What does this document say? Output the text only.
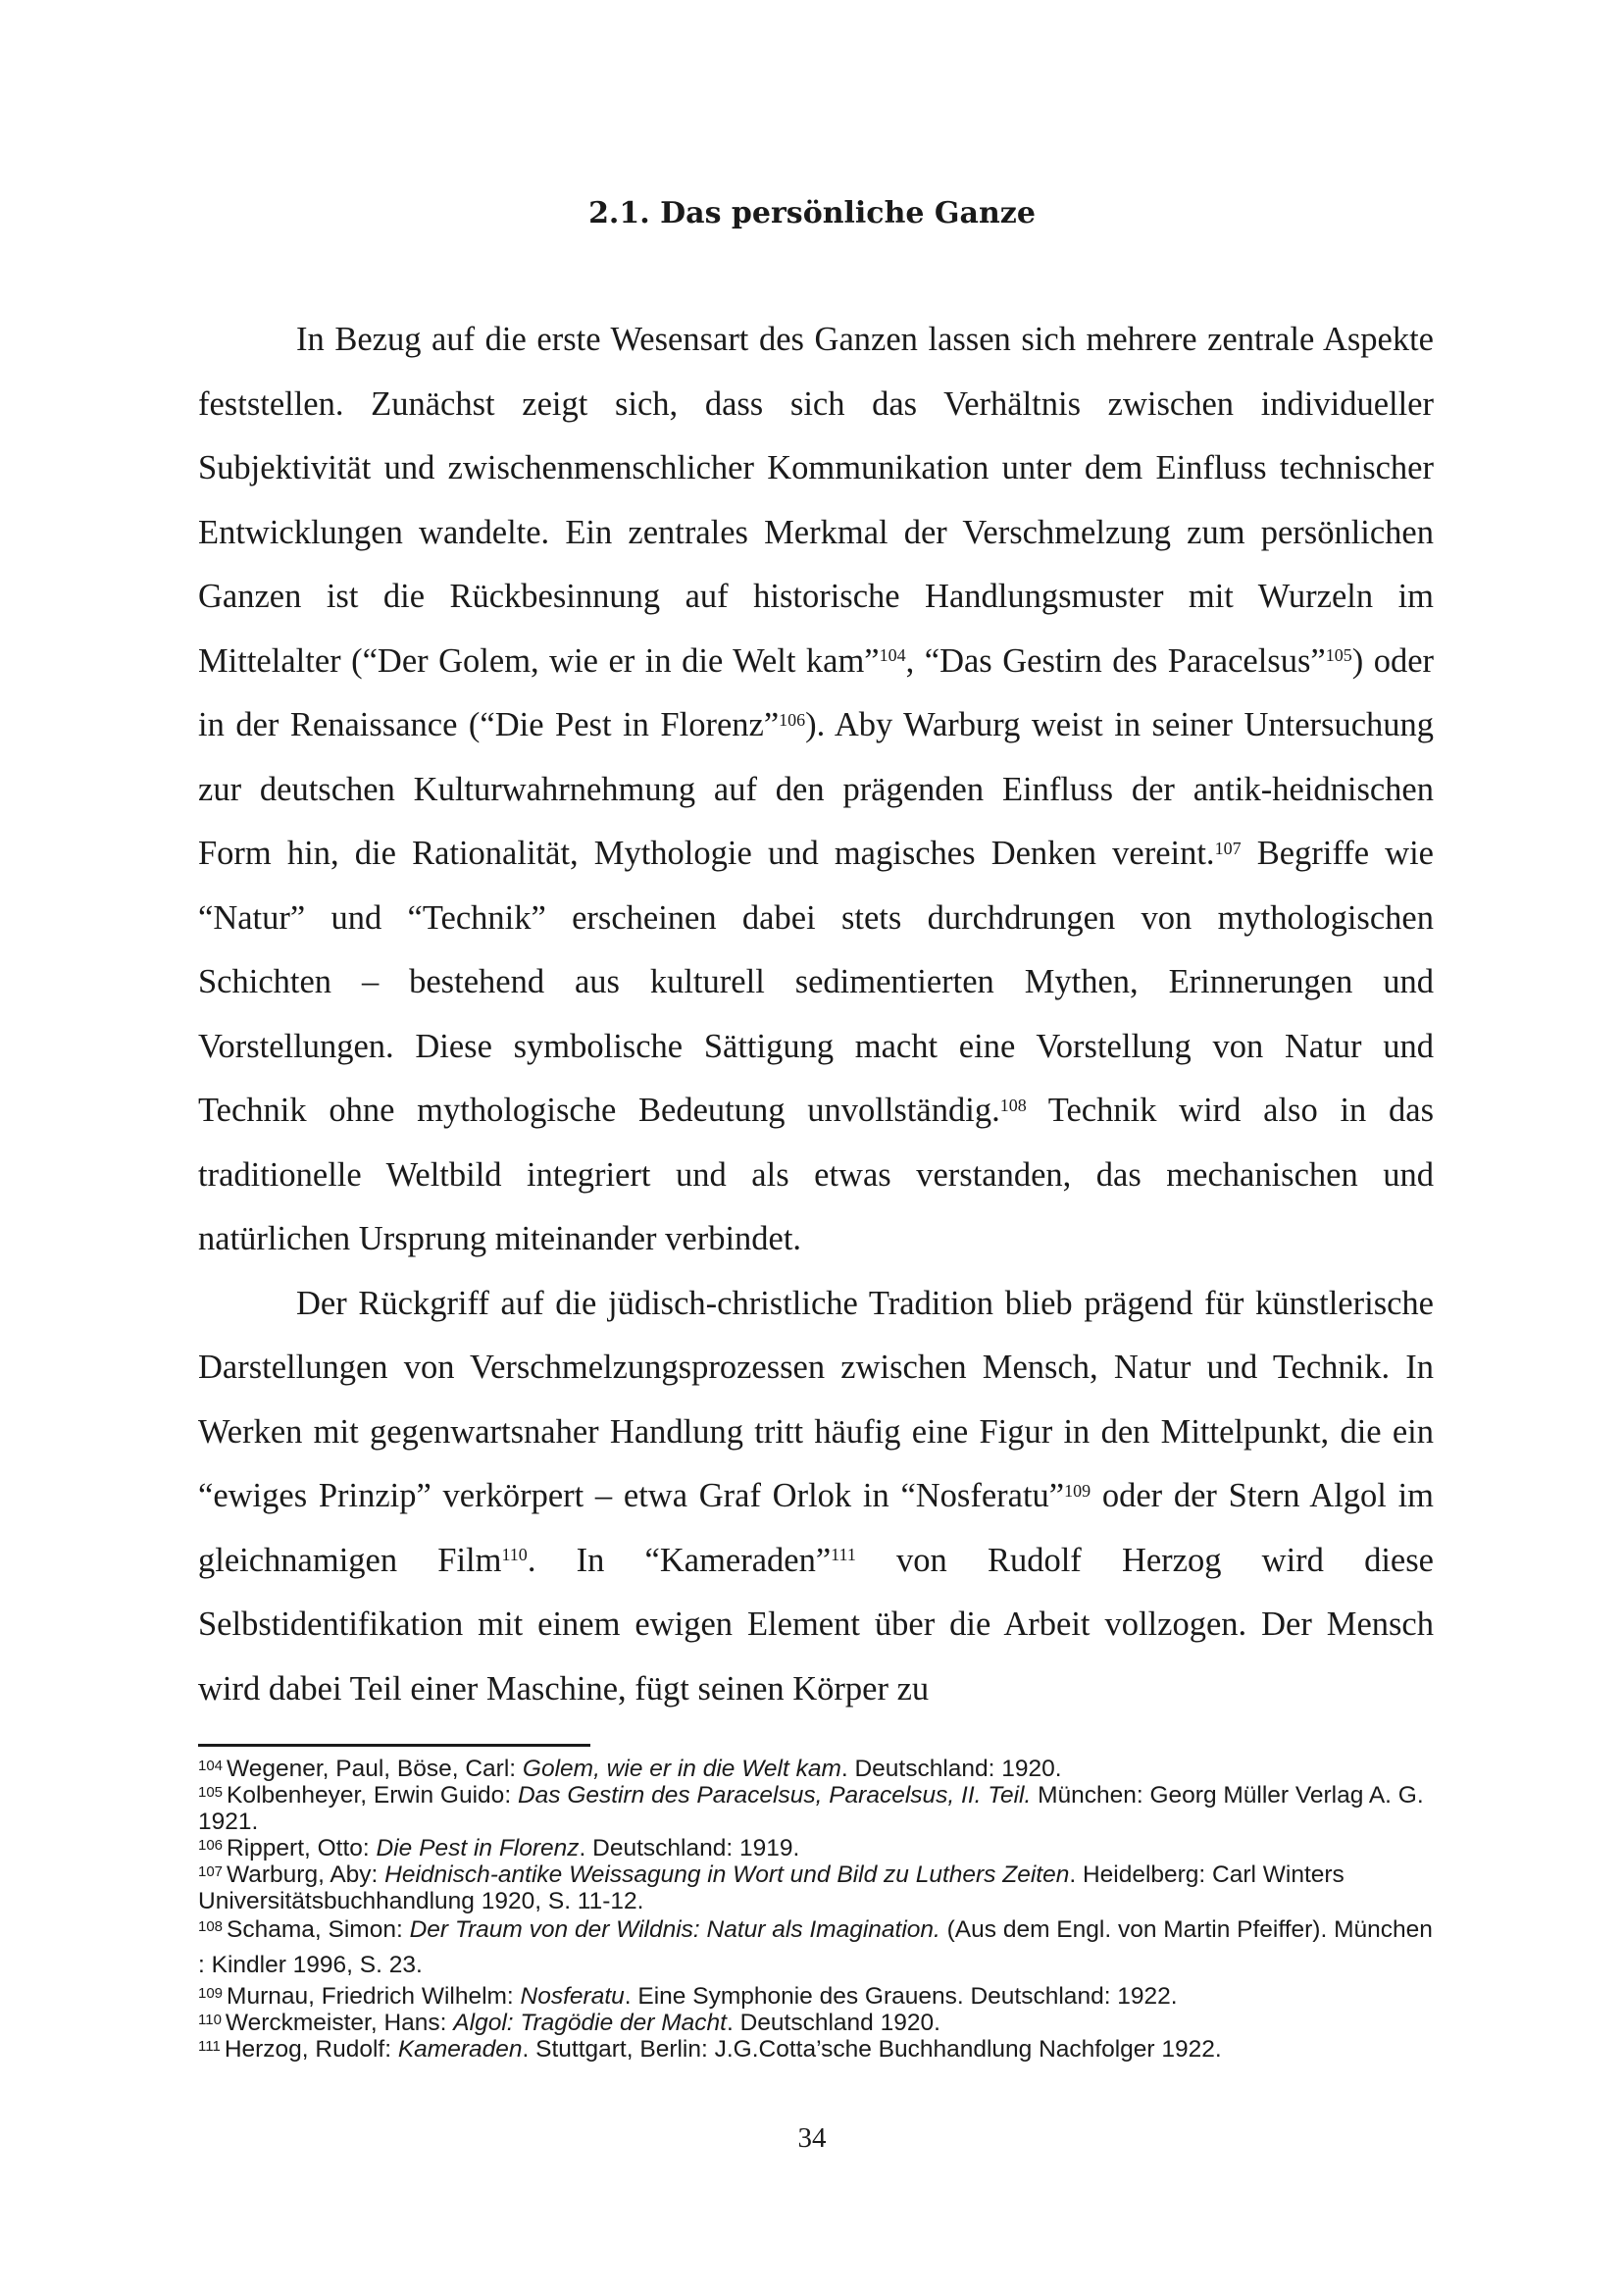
2.1. Das persönliche Ganze

In Bezug auf die erste Wesensart des Ganzen lassen sich mehrere zentrale Aspekte feststellen. Zunächst zeigt sich, dass sich das Verhältnis zwischen individueller Subjektivität und zwischenmenschlicher Kommunikation unter dem Einfluss technischer Entwicklungen wandelte. Ein zentrales Merkmal der Verschmelzung zum persönlichen Ganzen ist die Rückbesinnung auf historische Handlungsmuster mit Wurzeln im Mittelalter (“Der Golem, wie er in die Welt kam”$^{104}$, “Das Gestirn des Paracelsus”$^{105}$) oder in der Renaissance (“Die Pest in Florenz”$^{106}$). Aby Warburg weist in seiner Untersuchung zur deutschen Kulturwahrnehmung auf den prägenden Einfluss der antik-heidnischen Form hin, die Rationalität, Mythologie und magisches Denken vereint.$^{107}$ Begriffe wie “Natur” und “Technik” erscheinen dabei stets durchdrungen von mythologischen Schichten – bestehend aus kulturell sedimentierten Mythen, Erinnerungen und Vorstellungen. Diese symbolische Sättigung macht eine Vorstellung von Natur und Technik ohne mythologische Bedeutung unvollständig.$^{108}$ Technik wird also in das traditionelle Weltbild integriert und als etwas verstanden, das mechanischen und natürlichen Ursprung miteinander verbindet.

Der Rückgriff auf die jüdisch-christliche Tradition blieb prägend für künstlerische Darstellungen von Verschmelzungsprozessen zwischen Mensch, Natur und Technik. In Werken mit gegenwartsnaher Handlung tritt häufig eine Figur in den Mittelpunkt, die ein “ewiges Prinzip” verkörpert – etwa Graf Orlok in “Nosferatu”$^{109}$ oder der Stern Algol im gleichnamigen Film$^{110}$. In “Kameraden”$^{111}$ von Rudolf Herzog wird diese Selbstidentifikation mit einem ewigen Element über die Arbeit vollzogen. Der Mensch wird dabei Teil einer Maschine, fügt seinen Körper zu

$^{104}$ Wegener, Paul, Böse, Carl: Golem, wie er in die Welt kam. Deutschland: 1920.

$^{105}$ Kolbenheyer, Erwin Guido: Das Gestirn des Paracelsus, Paracelsus, II. Teil. München: Georg Müller Verlag A. G. 1921.

$^{106}$ Rippert, Otto: Die Pest in Florenz. Deutschland: 1919.

$^{107}$ Warburg, Aby: Heidnisch-antike Weissagung in Wort und Bild zu Luthers Zeiten. Heidelberg: Carl Winters Universitätsbuchhandlung 1920, S. 11-12.

$^{108}$ Schama, Simon: Der Traum von der Wildnis: Natur als Imagination. (Aus dem Engl. von Martin Pfeiffer). München : Kindler 1996, S. 23.

$^{109}$ Murnau, Friedrich Wilhelm: Nosferatu. Eine Symphonie des Grauens. Deutschland: 1922.

$^{110}$ Werckmeister, Hans: Algol: Tragödie der Macht. Deutschland 1920.

$^{111}$ Herzog, Rudolf: Kameraden. Stuttgart, Berlin: J.G.Cotta’sche Buchhandlung Nachfolger 1922.

34
